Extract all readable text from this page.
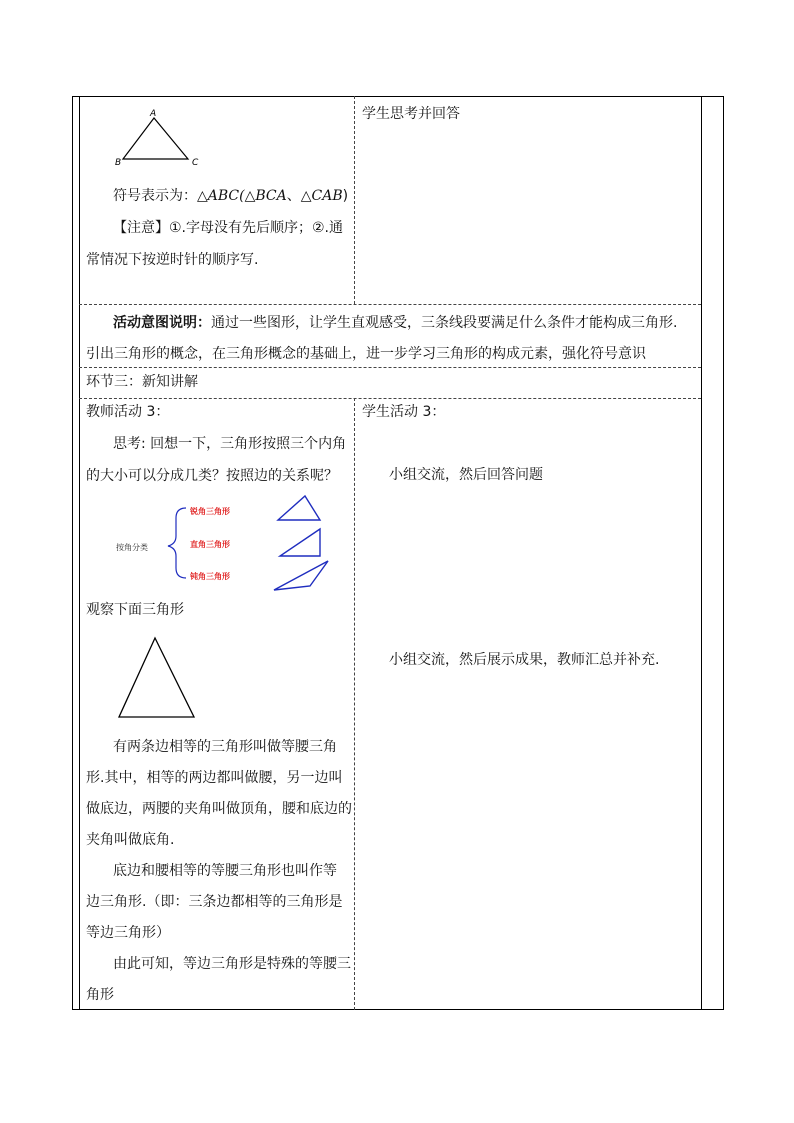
A
B	C
符号表示为：△ABC(△BCA、△CAB)
【注意】①.字母没有先后顺序；②.通
常情况下按逆时针的顺序写.
学生思考并回答
活动意图说明：通过一些图形，让学生直观感受，三条线段要满足什么条件才能构成三角形.
引出三角形的概念，在三角形概念的基础上，进一步学习三角形的构成元素，强化符号意识
环节三：新知讲解
教师活动 3：
思考: 回想一下，三角形按照三个内角
的大小可以分成几类？按照边的关系呢？
按角分类
锐角三角形
直角三角形
钝角三角形
观察下面三角形
有两条边相等的三角形叫做等腰三角
形.其中，相等的两边都叫做腰，另一边叫
做底边，两腰的夹角叫做顶角，腰和底边的
夹角叫做底角.
底边和腰相等的等腰三角形也叫作等
边三角形.（即：三条边都相等的三角形是
等边三角形）
由此可知，等边三角形是特殊的等腰三
角形
学生活动 3：
小组交流，然后回答问题
小组交流，然后展示成果，教师汇总并补充.
